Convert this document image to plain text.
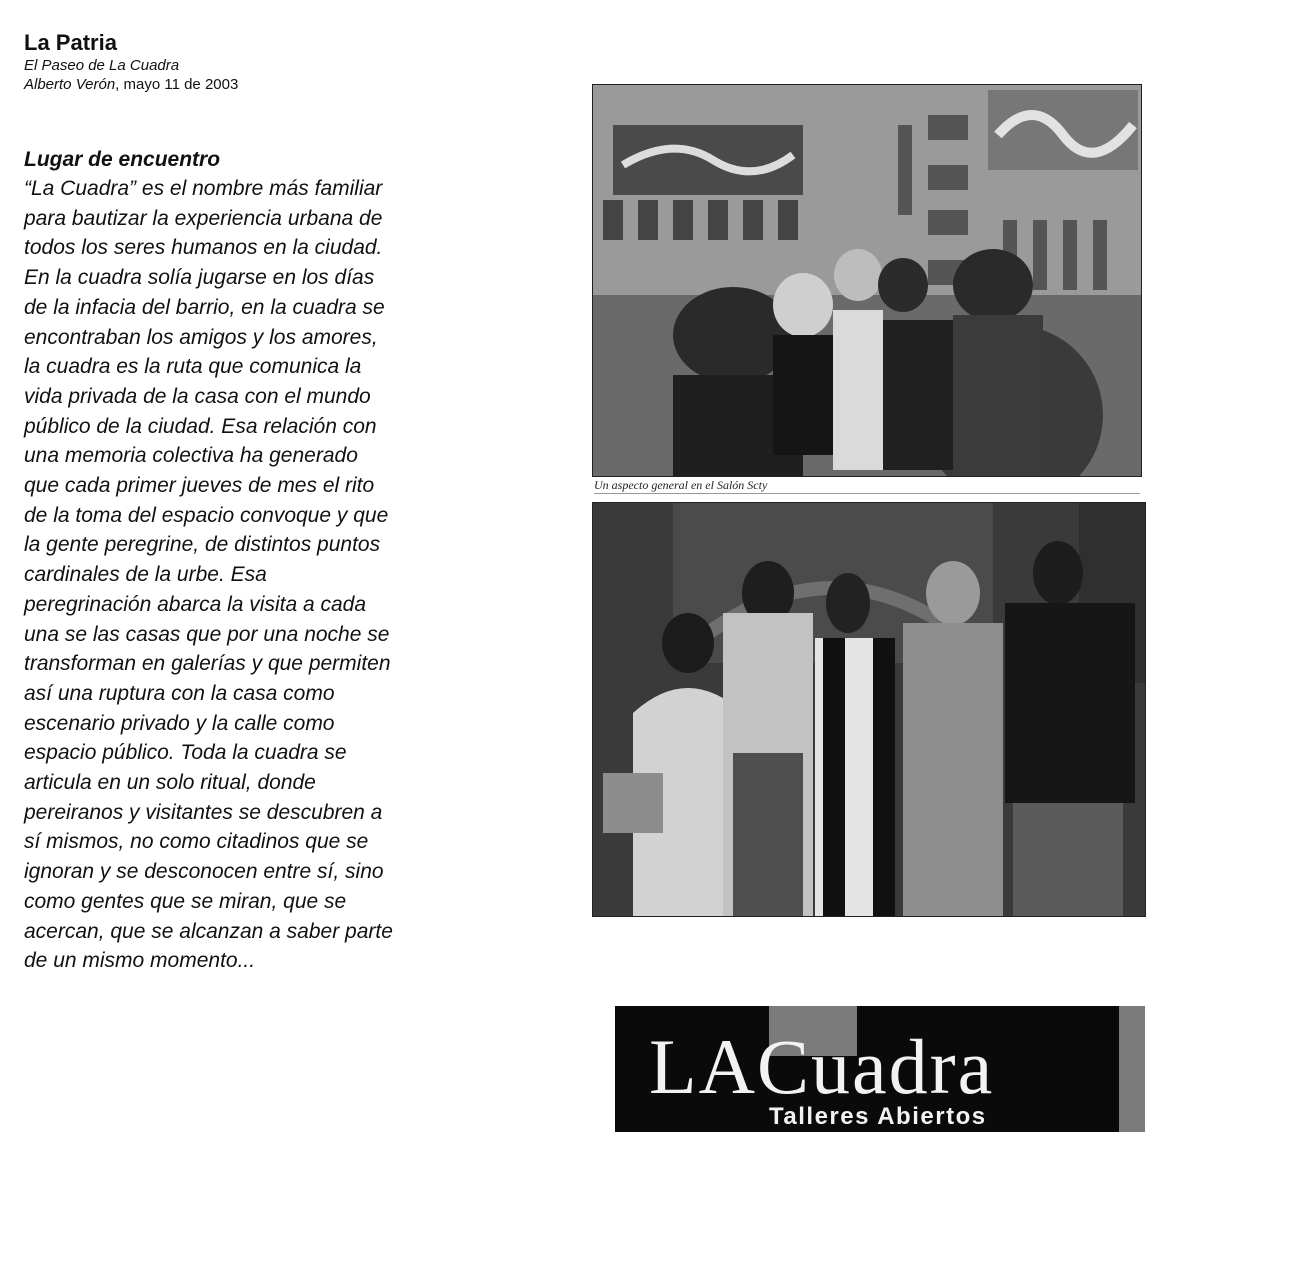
La Patria
El Paseo de La Cuadra
Alberto Verón, mayo 11 de 2003
Lugar de encuentro
“La Cuadra” es el nombre más familiar
para bautizar la experiencia urbana de
todos los seres humanos en la ciudad.
En la cuadra solía jugarse en los días
de la infacia del barrio, en la cuadra se
encontraban los amigos y los amores,
la cuadra es la ruta que comunica la
vida privada de la casa con el mundo
público de la ciudad. Esa relación con
una memoria colectiva ha generado
que cada primer jueves de mes el rito
de la toma del espacio convoque y que
la gente peregrine, de distintos puntos
cardinales de la urbe. Esa
peregrinación abarca la visita a cada
una se las casas que por una noche se
transforman en galerías y que permiten
así una ruptura con la casa como
escenario privado y la calle como
espacio público. Toda la cuadra se
articula en un solo ritual, donde
pereiranos y visitantes se descubren a
sí mismos, no como citadinos que se
ignoran y se desconocen entre sí, sino
como gentes que se miran, que se
acercan, que se alcanzan a saber parte
de un mismo momento...
Un aspecto general en el Salón Scty
LACuadra
Talleres Abiertos
